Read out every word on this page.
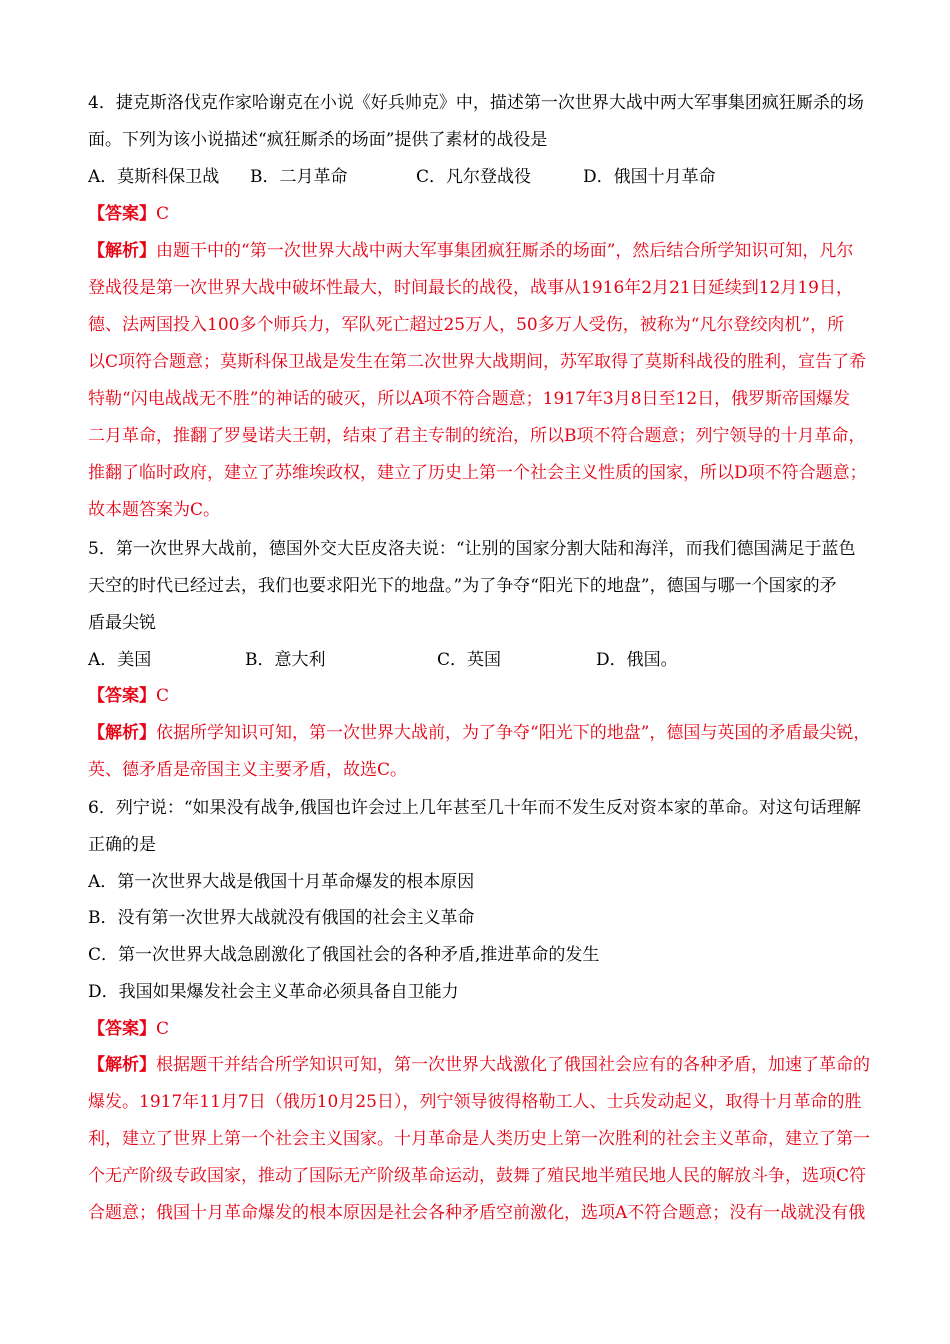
4．捷克斯洛伐克作家哈谢克在小说《好兵帅克》中，描述第一次世界大战中两大军事集团疯狂厮杀的场
面。下列为该小说描述“疯狂厮杀的场面”提供了素材的战役是
A．莫斯科保卫战 B．二月革命	C．凡尔登战役	D．俄国十月革命
【答案】C
【解析】由题干中的“第一次世界大战中两大军事集团疯狂厮杀的场面”，然后结合所学知识可知，凡尔
登战役是第一次世界大战中破坏性最大，时间最长的战役，战事从1916年2月21日延续到12月19日，
德、法两国投入100多个师兵力，军队死亡超过25万人，50多万人受伤，被称为“凡尔登绞肉机”，所
以C项符合题意；莫斯科保卫战是发生在第二次世界大战期间，苏军取得了莫斯科战役的胜利，宣告了希
特勒“闪电战战无不胜”的神话的破灭，所以A项不符合题意；1917年3月8日至12日，俄罗斯帝国爆发
二月革命，推翻了罗曼诺夫王朝，结束了君主专制的统治，所以B项不符合题意；列宁领导的十月革命，
推翻了临时政府，建立了苏维埃政权，建立了历史上第一个社会主义性质的国家，所以D项不符合题意；
故本题答案为C。
5．第一次世界大战前，德国外交大臣皮洛夫说：“让别的国家分割大陆和海洋，而我们德国满足于蓝色
天空的时代已经过去，我们也要求阳光下的地盘。”为了争夺“阳光下的地盘”，德国与哪一个国家的矛
盾最尖锐
A．美国	B．意大利	C．英国	D．俄国。
【答案】C
【解析】依据所学知识可知，第一次世界大战前，为了争夺“阳光下的地盘”，德国与英国的矛盾最尖锐，
英、德矛盾是帝国主义主要矛盾，故选C。
6．列宁说：“如果没有战争,俄国也许会过上几年甚至几十年而不发生反对资本家的革命。对这句话理解
正确的是
A．第一次世界大战是俄国十月革命爆发的根本原因
B．没有第一次世界大战就没有俄国的社会主义革命
C．第一次世界大战急剧激化了俄国社会的各种矛盾,推进革命的发生
D．我国如果爆发社会主义革命必须具备自卫能力
【答案】C
【解析】根据题干并结合所学知识可知，第一次世界大战激化了俄国社会应有的各种矛盾，加速了革命的
爆发。1917年11月7日（俄历10月25日），列宁领导彼得格勒工人、士兵发动起义，取得十月革命的胜
利，建立了世界上第一个社会主义国家。十月革命是人类历史上第一次胜利的社会主义革命，建立了第一
个无产阶级专政国家，推动了国际无产阶级革命运动，鼓舞了殖民地半殖民地人民的解放斗争，选项C符
合题意；俄国十月革命爆发的根本原因是社会各种矛盾空前激化，选项A不符合题意；没有一战就没有俄
